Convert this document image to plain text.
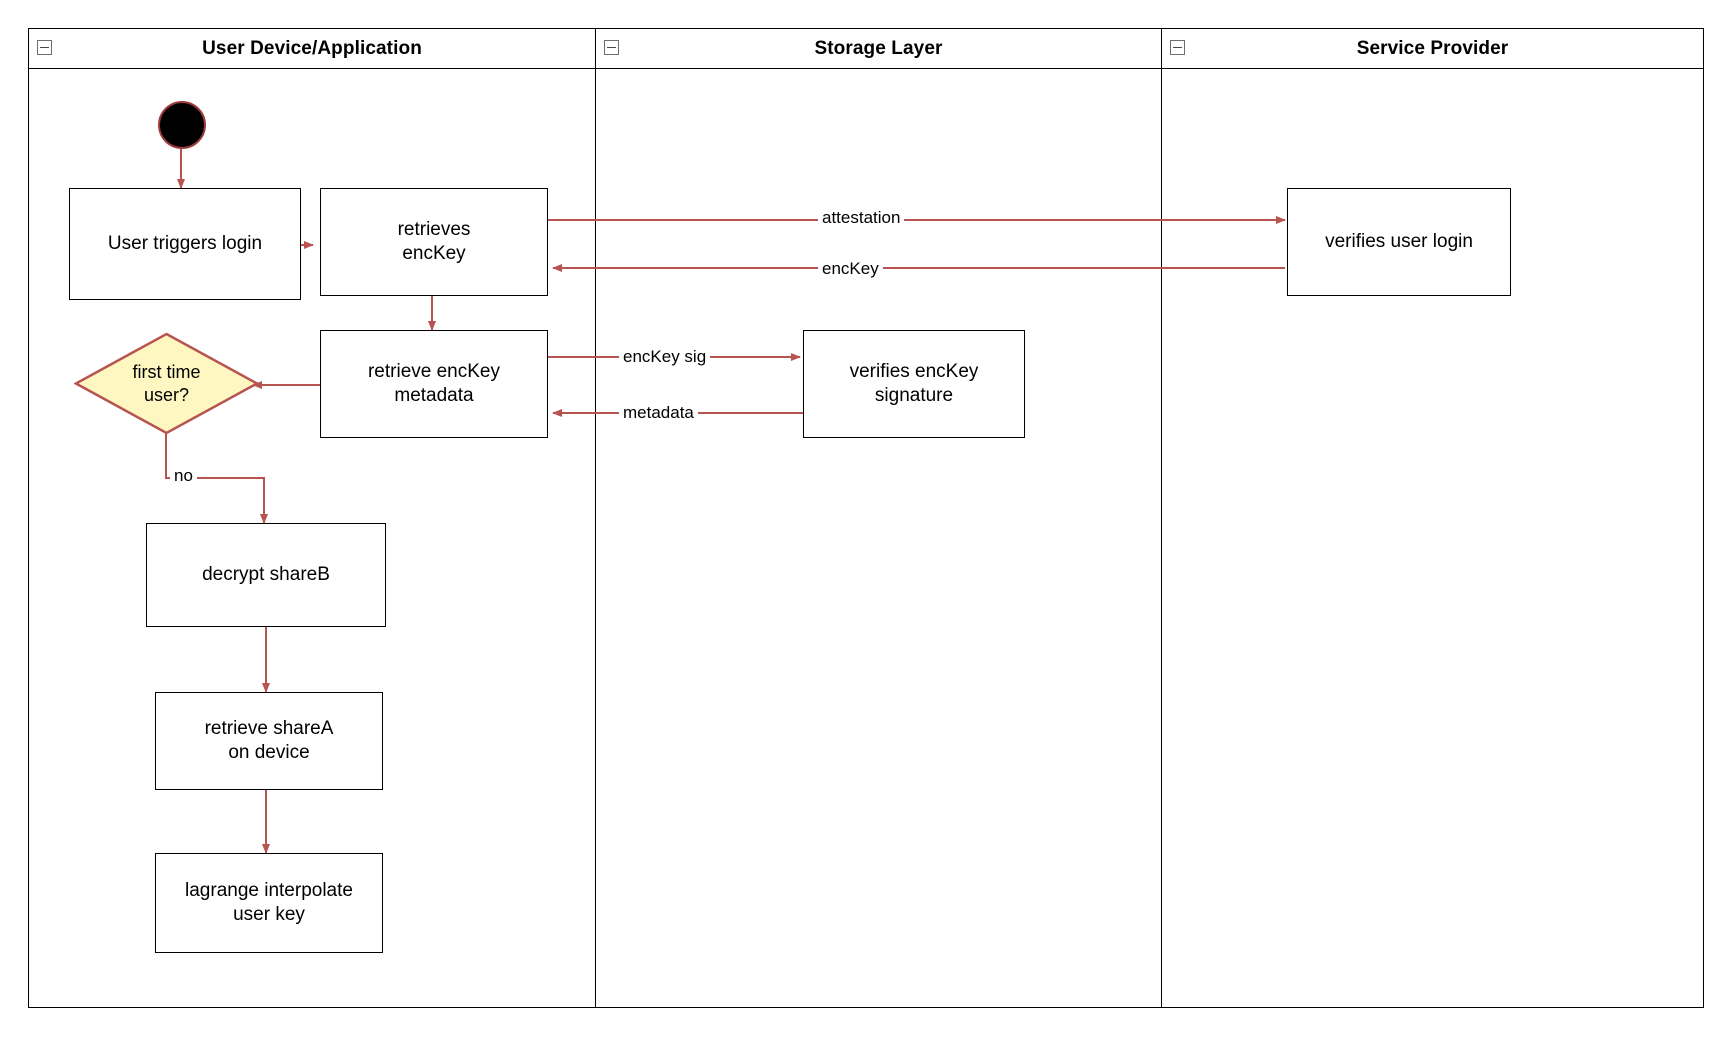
User Device/Application	Storage Layer	Service Provider
attestation
encKey
encKey sig
metadata
no
User triggers login
retrieves
encKey
retrieve encKey
metadata
first time
user?
decrypt shareB
retrieve shareA
on device
lagrange interpolate
user key
verifies encKey
signature
verifies user login
